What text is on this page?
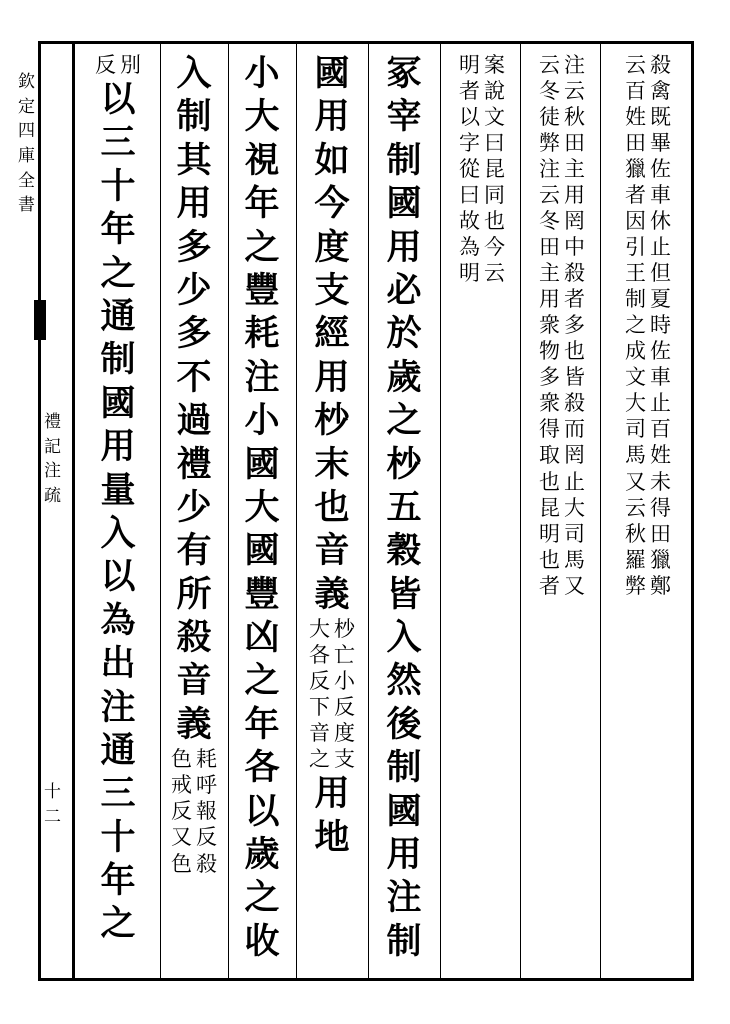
欽
定
四
庫
全
書
禮
記
注
疏
十
二
殺
禽
既
畢
佐
車
休
止
但
夏
時
佐
車
止
百
姓
未
得
田
獵
鄭
云
百
姓
田
獵
者
因
引
王
制
之
成
文
大
司
馬
又
云
秋
羅
弊
注
云
秋
田
主
用
罔
中
殺
者
多
也
皆
殺
而
罔
止
大
司
馬
又
云
冬
徒
弊
注
云
冬
田
主
用
衆
物
多
衆
得
取
也
昆
明
也
者
案
說
文
曰
昆
同
也
今
云
明
者
以
字
從
曰
故
為
明
冢
宰
制
國
用
必
於
歲
之
杪
五
穀
皆
入
然
後
制
國
用
注
制
國
用
如
今
度
支
經
用
杪
末
也
音
義
杪
亡
小
反
度
支
大
各
反
下
音
之
用
地
小
大
視
年
之
豐
耗
注
小
國
大
國
豐
凶
之
年
各
以
歲
之
收
入
制
其
用
多
少
多
不
過
禮
少
有
所
殺
音
義
耗
呼
報
反
殺
色
戒
反
又
色
別
反
以
三
十
年
之
通
制
國
用
量
入
以
為
出
注
通
三
十
年
之
